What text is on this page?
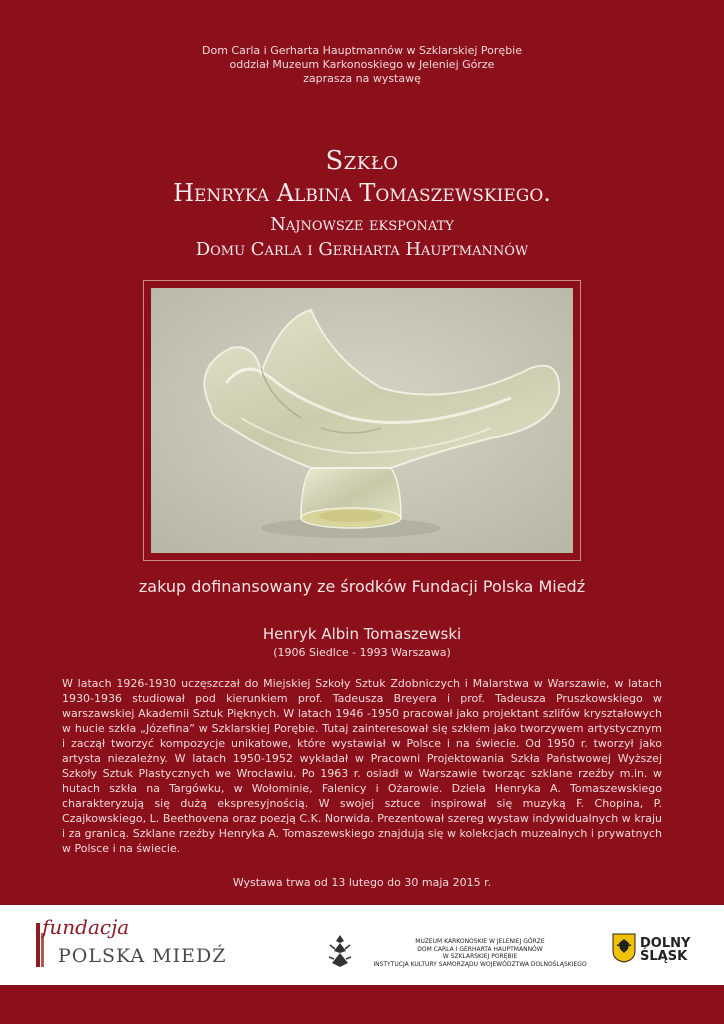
Dom Carla i Gerharta Hauptmannów w Szklarskiej Porębie
oddział Muzeum Karkonoskiego w Jeleniej Górze
zaprasza na wystawę
Szkło
Henryka Albina Tomaszewskiego.
Najnowsze eksponaty
Domu Carla i Gerharta Hauptmannów
zakup dofinansowany ze środków Fundacji Polska Miedź
Henryk Albin Tomaszewski
(1906 Siedlce - 1993 Warszawa)
W latach 1926-1930 uczęszczał do Miejskiej Szkoły Sztuk Zdobniczych i Malarstwa w Warszawie, w latach 1930-1936 studiował pod kierunkiem prof. Tadeusza Breyera i prof. Tadeusza Pruszkowskiego w warszawskiej Akademii Sztuk Pięknych. W latach 1946 -1950 pracował jako projektant szlifów kryształowych w hucie szkła „Józefina” w Szklarskiej Porębie. Tutaj zainteresował się szkłem jako tworzywem artystycznym i zaczął tworzyć kompozycje unikatowe, które wystawiał w Polsce i na świecie. Od 1950 r. tworzył jako artysta niezależny. W latach 1950-1952 wykładał w Pracowni Projektowania Szkła Państwowej Wyższej Szkoły Sztuk Plastycznych we Wrocławiu. Po 1963 r. osiadł w Warszawie tworząc szklane rzeźby m.in. w hutach szkła na Targówku, w Wołominie, Falenicy i Ożarowie. Dzieła Henryka A. Tomaszewskiego charakteryzują się dużą ekspresyjnością. W swojej sztuce inspirował się muzyką F. Chopina, P. Czajkowskiego, L. Beethovena oraz poezją C.K. Norwida. Prezentował szereg wystaw indywidualnych w kraju i za granicą. Szklane rzeźby Henryka A. Tomaszewskiego znajdują się w kolekcjach muzealnych i prywatnych w Polsce i na świecie.
Wystawa trwa od 13 lutego do 30 maja 2015 r.
fundacja
POLSKA MIEDŹ
MUZEUM KARKONOSKIE W JELENIEJ GÓRZE
DOM CARLA I GERHARTA HAUPTMANNÓW
W SZKLARSKIEJ PORĘBIE
INSTYTUCJA KULTURY SAMORZĄDU WOJEWÓDZTWA DOLNOŚLĄSKIEGO
DOLNY
ŚLĄSK
